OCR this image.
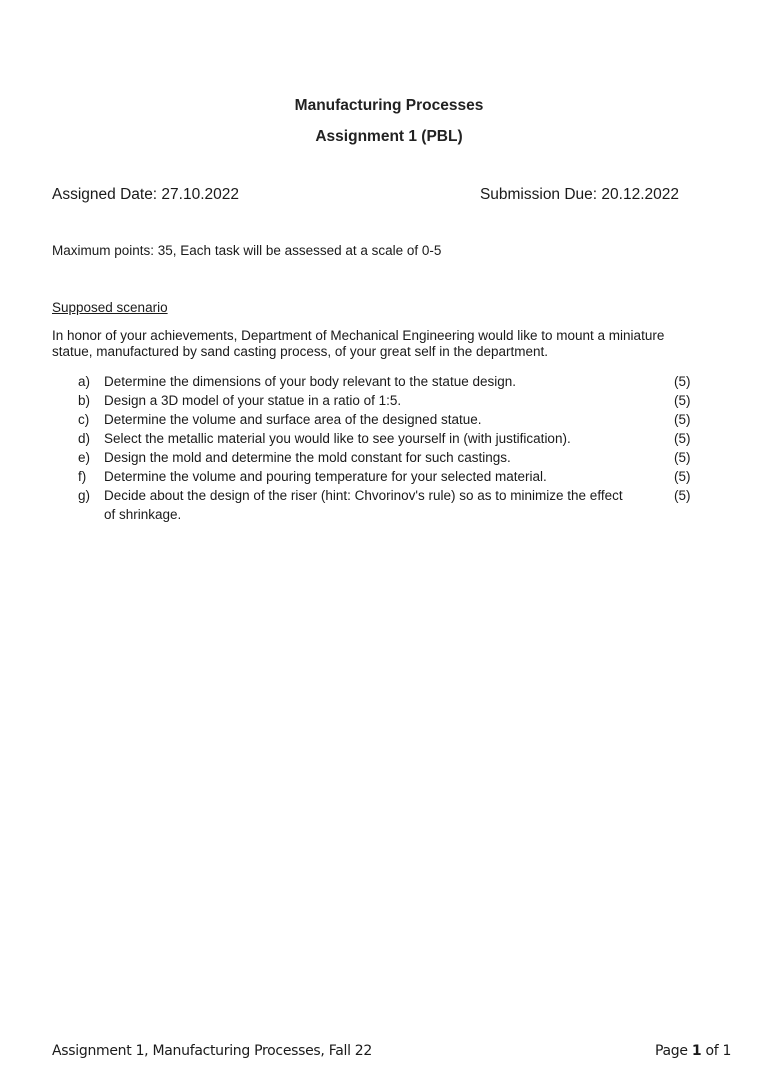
Manufacturing Processes
Assignment 1 (PBL)
Assigned Date: 27.10.2022	Submission Due: 20.12.2022
Maximum points: 35, Each task will be assessed at a scale of 0-5
Supposed scenario
In honor of your achievements, Department of Mechanical Engineering would like to mount a miniature
statue, manufactured by sand casting process, of your great self in the department.
a) Determine the dimensions of your body relevant to the statue design.	(5)
b) Design a 3D model of your statue in a ratio of 1:5.	(5)
c) Determine the volume and surface area of the designed statue.	(5)
d) Select the metallic material you would like to see yourself in (with justification).	(5)
e) Design the mold and determine the mold constant for such castings.	(5)
f) Determine the volume and pouring temperature for your selected material.	(5)
g) Decide about the design of the riser (hint: Chvorinov's rule) so as to minimize the effect of shrinkage.
(5)
Assignment 1, Manufacturing Processes, Fall 22	Page 1 of 1
